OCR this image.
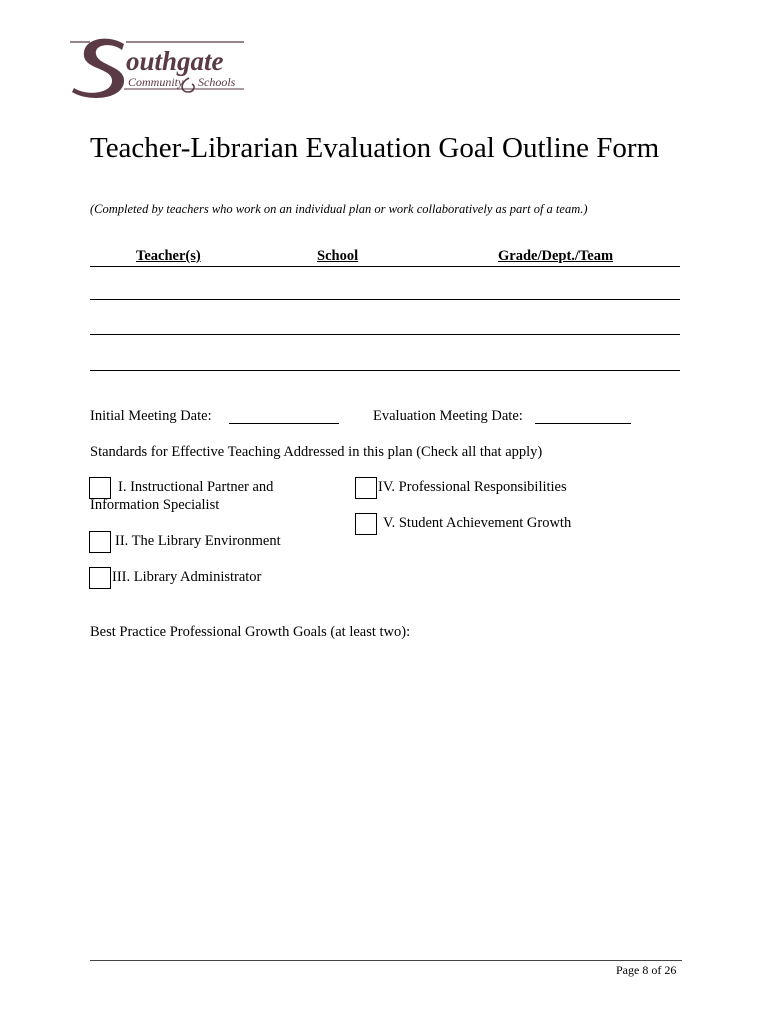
outhgate
Community Schools
Teacher-Librarian Evaluation Goal Outline Form
(Completed by teachers who work on an individual plan or work collaboratively as part of a team.)
Teacher(s)	School	Grade/Dept./Team
Initial Meeting Date:	Evaluation Meeting Date:
Standards for Effective Teaching Addressed in this plan (Check all that apply)
I. Instructional Partner and
Information Specialist
II. The Library Environment
III. Library Administrator
IV. Professional Responsibilities
V. Student Achievement Growth
Best Practice Professional Growth Goals (at least two):
Page 8 of 26
